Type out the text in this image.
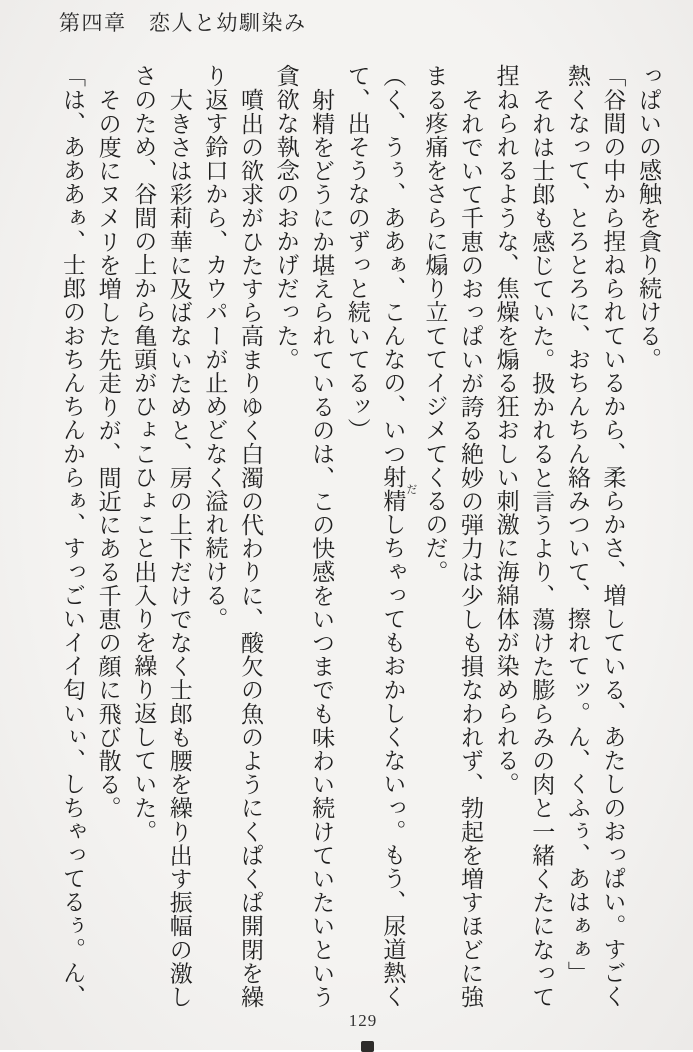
第四章　恋人と幼馴染み

っぱいの感触を貪り続ける。

「谷間の中から捏ねられているから、柔らかさ、増している、あたしのおっぱい。すごく熱くなって、とろとろに、おちんちん絡みついて、擦れてッ。ん、くふぅ、あはぁぁ」

それは士郎も感じていた。扱かれると言うより、蕩けた膨らみの肉と一緒くたになって捏ねられるような、焦燥を煽る狂おしい刺激に海綿体が染められる。

それでいて千恵のおっぱいが誇る絶妙の弾力は少しも損なわれず、勃起を増すほどに強まる疼痛をさらに煽り立ててイジメてくるのだ。

（く、うぅ、ああぁ、こんなの、いつ射精 だしちゃってもおかしくないっ。もう、尿道熱くて、出そうなのずっと続いてるッ）

射精をどうにか堪えられているのは、この快感をいつまでも味わい続けていたいという貪欲な執念のおかげだった。

噴出の欲求がひたすら高まりゆく白濁の代わりに、酸欠の魚のようにくぱくぱ開閉を繰り返す鈴口から、カウパーが止めどなく溢れ続ける。

大きさは彩莉華に及ばないためと、房の上下だけでなく士郎も腰を繰り出す振幅の激しさのため、谷間の上から亀頭がひょこひょこと出入りを繰り返していた。

その度にヌメリを増した先走りが、間近にある千恵の顔に飛び散る。

「は、あああぁ、士郎のおちんちんからぁ、すっごいイイ匂いぃ、しちゃってるぅ。ん、

129
